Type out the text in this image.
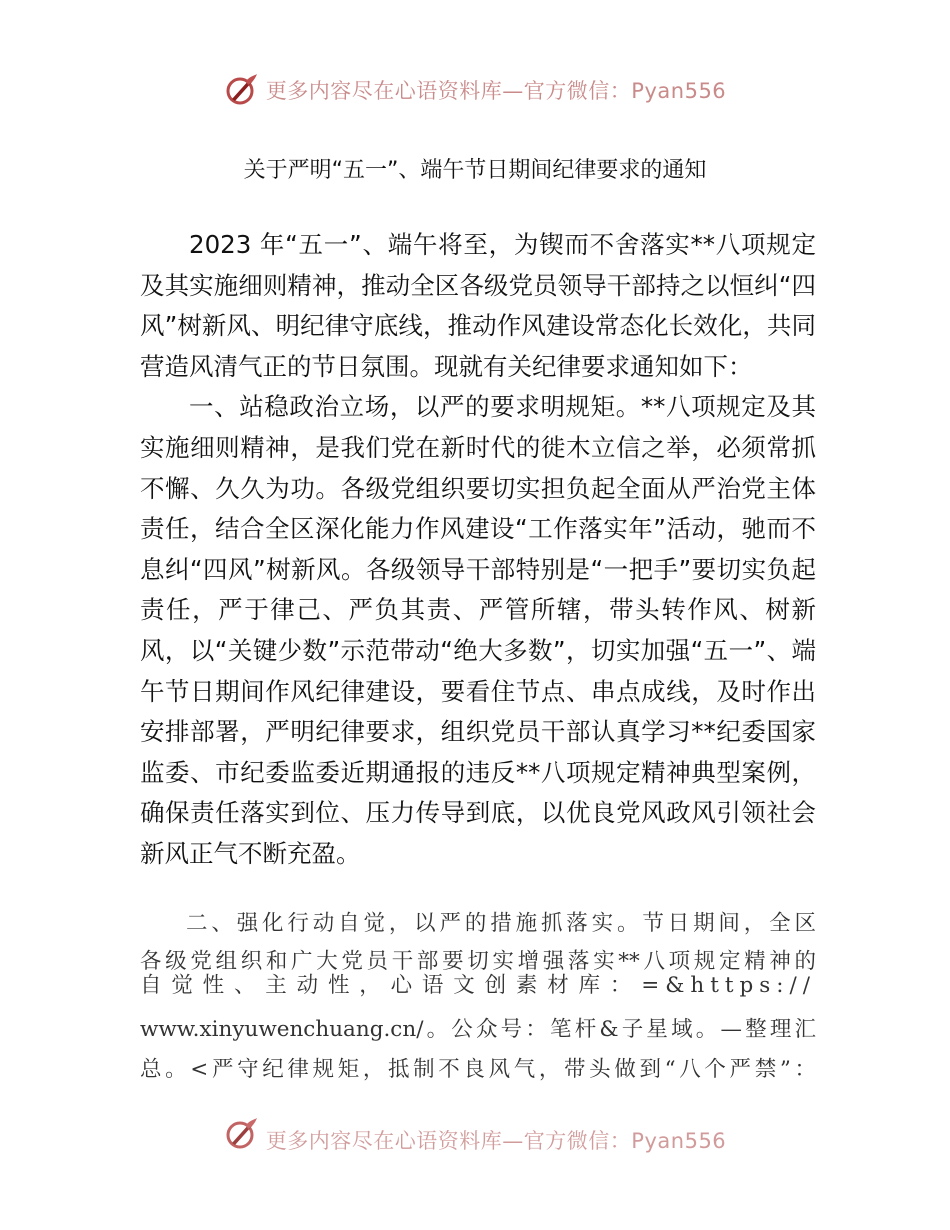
更多内容尽在心语资料库—官方微信：Pyan556
关于严明“五一”、端午节日期间纪律要求的通知

2023 年“五一”、端午将至，为锲而不舍落实**八项规定及其实施细则精神，推动全区各级党员领导干部持之以恒纠“四风”树新风、明纪律守底线，推动作风建设常态化长效化，共同营造风清气正的节日氛围。现就有关纪律要求通知如下：

一、站稳政治立场，以严的要求明规矩。**八项规定及其实施细则精神，是我们党在新时代的徙木立信之举，必须常抓不懈、久久为功。各级党组织要切实担负起全面从严治党主体责任，结合全区深化能力作风建设“工作落实年”活动，驰而不息纠“四风”树新风。各级领导干部特别是“一把手”要切实负起责任，严于律己、严负其责、严管所辖，带头转作风、树新风，以“关键少数”示范带动“绝大多数”，切实加强“五一”、端午节日期间作风纪律建设，要看住节点、串点成线，及时作出安排部署，严明纪律要求，组织党员干部认真学习**纪委国家监委、市纪委监委近期通报的违反**八项规定精神典型案例，确保责任落实到位、压力传导到底，以优良党风政风引领社会新风正气不断充盈。

二、强化行动自觉，以严的措施抓落实。节日期间，全区
各级党组织和广大党员干部要切实增强落实**八项规定精神的
自觉性、主动性，心语文创素材库：=&https://
www.xinyuwenchuang.cn/。公众号：笔杆&子星域。—整理汇
总。<严守纪律规矩，抵制不良风气，带头做到“八个严禁”：
更多内容尽在心语资料库—官方微信：Pyan556
